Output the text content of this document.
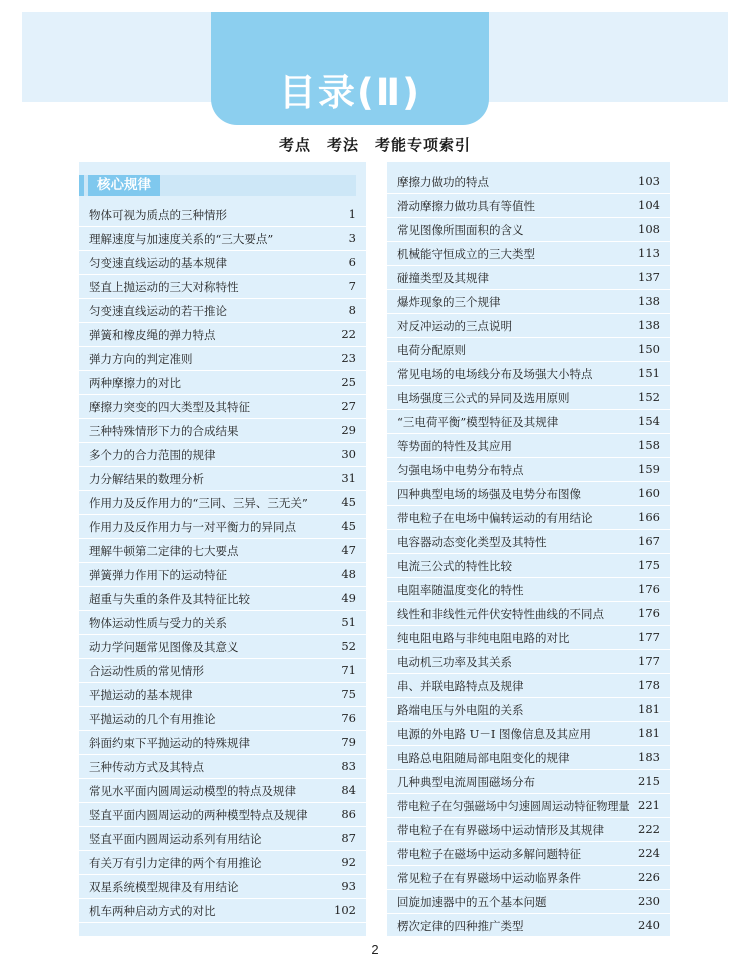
目录(Ⅱ)
考点　考法　考能专项索引
核心规律
物体可视为质点的三种情形	1
理解速度与加速度关系的“三大要点”	3
匀变速直线运动的基本规律	6
竖直上抛运动的三大对称特性	7
匀变速直线运动的若干推论	8
弹簧和橡皮绳的弹力特点	22
弹力方向的判定准则	23
两种摩擦力的对比	25
摩擦力突变的四大类型及其特征	27
三种特殊情形下力的合成结果	29
多个力的合力范围的规律	30
力分解结果的数理分析	31
作用力及反作用力的“三同、三异、三无关”	45
作用力及反作用力与一对平衡力的异同点	45
理解牛顿第二定律的七大要点	47
弹簧弹力作用下的运动特征	48
超重与失重的条件及其特征比较	49
物体运动性质与受力的关系	51
动力学问题常见图像及其意义	52
合运动性质的常见情形	71
平抛运动的基本规律	75
平抛运动的几个有用推论	76
斜面约束下平抛运动的特殊规律	79
三种传动方式及其特点	83
常见水平面内圆周运动模型的特点及规律	84
竖直平面内圆周运动的两种模型特点及规律	86
竖直平面内圆周运动系列有用结论	87
有关万有引力定律的两个有用推论	92
双星系统模型规律及有用结论	93
机车两种启动方式的对比	102
摩擦力做功的特点	103
滑动摩擦力做功具有等值性	104
常见图像所围面积的含义	108
机械能守恒成立的三大类型	113
碰撞类型及其规律	137
爆炸现象的三个规律	138
对反冲运动的三点说明	138
电荷分配原则	150
常见电场的电场线分布及场强大小特点	151
电场强度三公式的异同及选用原则	152
“三电荷平衡”模型特征及其规律	154
等势面的特性及其应用	158
匀强电场中电势分布特点	159
四种典型电场的场强及电势分布图像	160
带电粒子在电场中偏转运动的有用结论	166
电容器动态变化类型及其特性	167
电流三公式的特性比较	175
电阻率随温度变化的特性	176
线性和非线性元件伏安特性曲线的不同点	176
纯电阻电路与非纯电阻电路的对比	177
电动机三功率及其关系	177
串、并联电路特点及规律	178
路端电压与外电阻的关系	181
电源的外电路 U－I 图像信息及其应用	181
电路总电阻随局部电阻变化的规律	183
几种典型电流周围磁场分布	215
带电粒子在匀强磁场中匀速圆周运动特征物理量 221
带电粒子在有界磁场中运动情形及其规律	222
带电粒子在磁场中运动多解问题特征	224
常见粒子在有界磁场中运动临界条件	226
回旋加速器中的五个基本问题	230
楞次定律的四种推广类型	240
2
